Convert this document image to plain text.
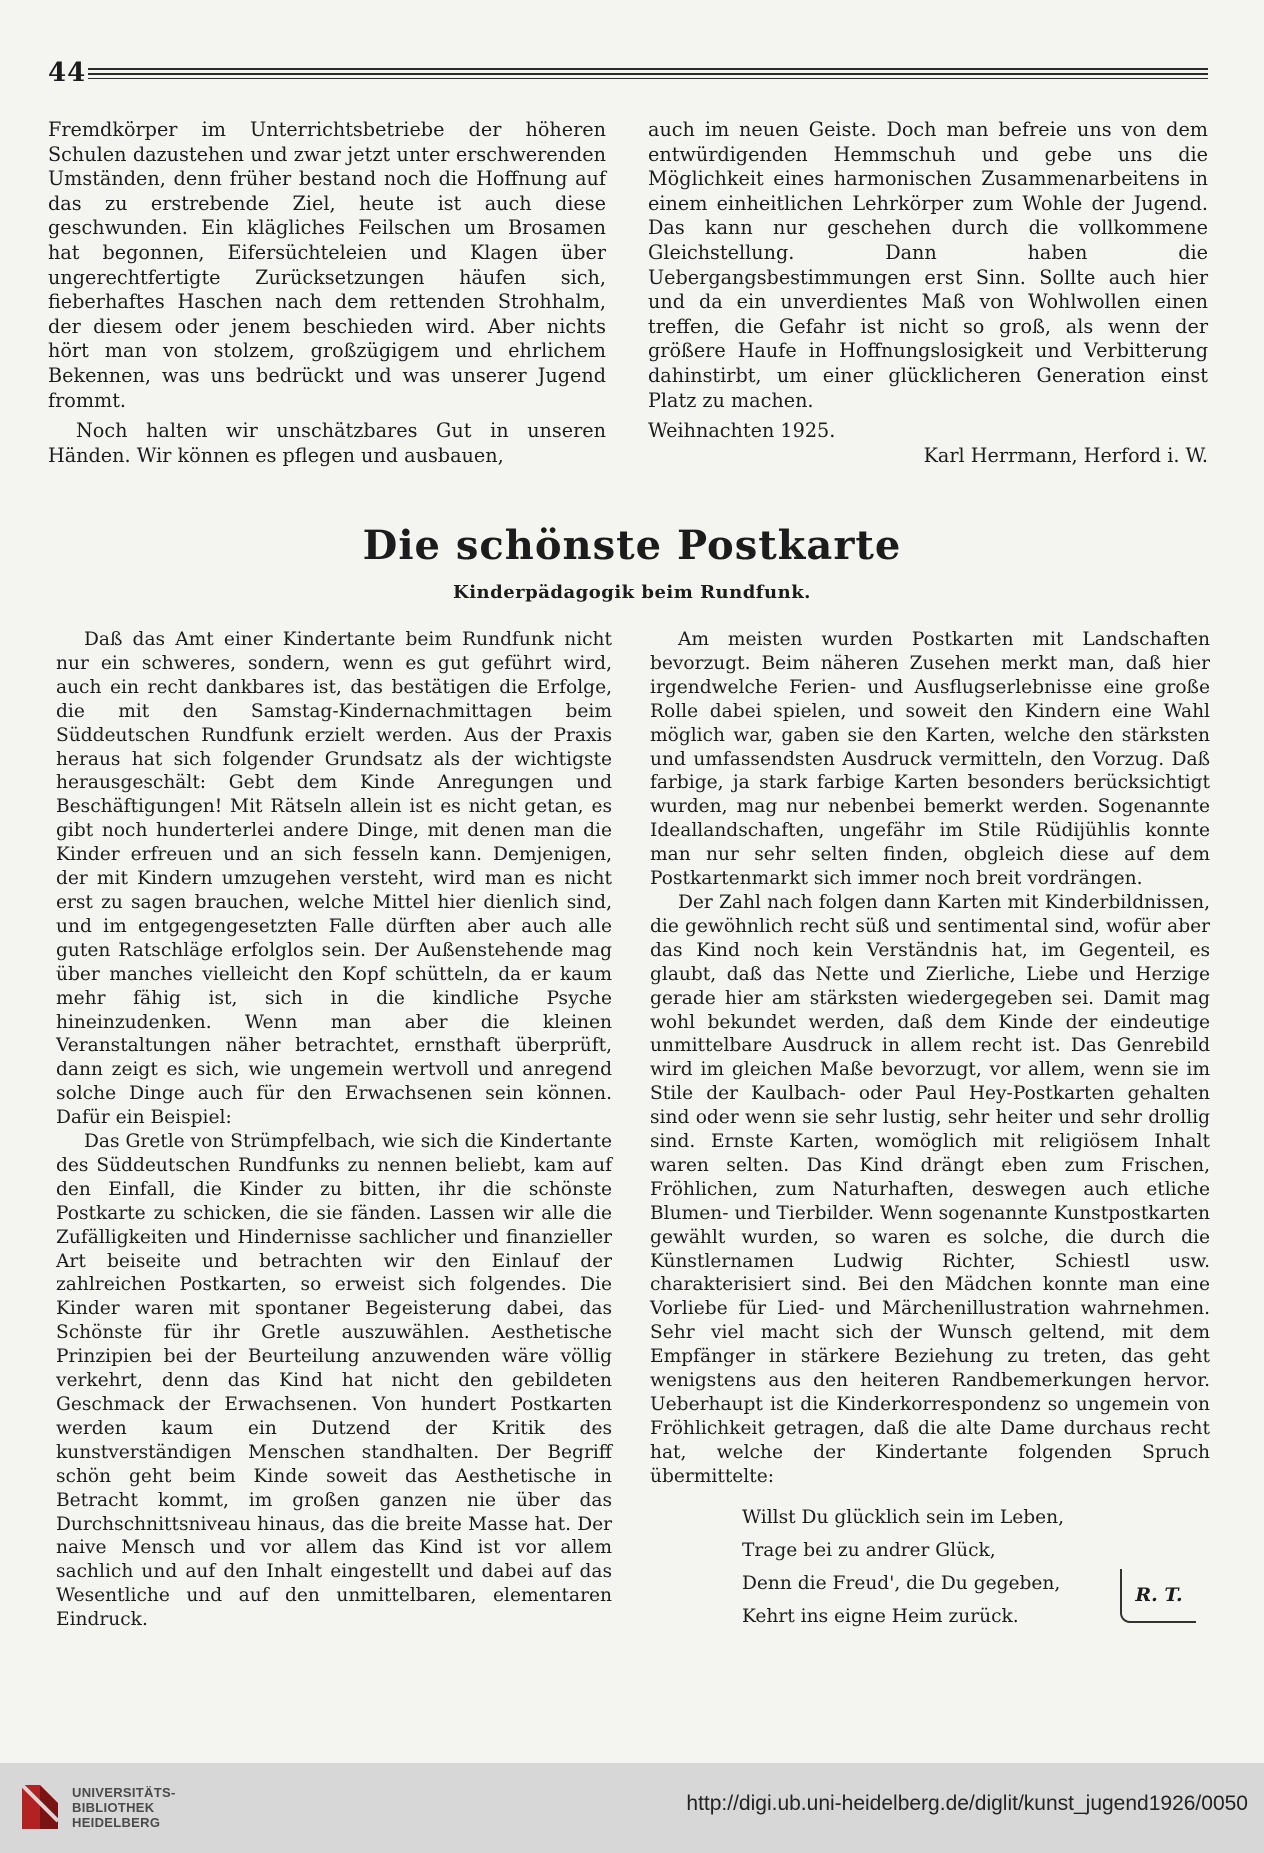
44

Fremdkörper im Unterrichtsbetriebe der höheren Schulen dazustehen und zwar jetzt unter erschwerenden Umständen, denn früher bestand noch die Hoffnung auf das zu erstrebende Ziel, heute ist auch diese geschwunden. Ein klägliches Feilschen um Brosamen hat begonnen, Eifersüchteleien und Klagen über ungerechtfertigte Zurücksetzungen häufen sich, fieberhaftes Haschen nach dem rettenden Strohhalm, der diesem oder jenem beschieden wird. Aber nichts hört man von stolzem, großzügigem und ehrlichem Bekennen, was uns bedrückt und was unserer Jugend frommt.

Noch halten wir unschätzbares Gut in unseren Händen. Wir können es pflegen und ausbauen,

auch im neuen Geiste. Doch man befreie uns von dem entwürdigenden Hemmschuh und gebe uns die Möglichkeit eines harmonischen Zusammenarbeitens in einem einheitlichen Lehrkörper zum Wohle der Jugend. Das kann nur geschehen durch die vollkommene Gleichstellung. Dann haben die Uebergangsbestimmungen erst Sinn. Sollte auch hier und da ein unverdientes Maß von Wohlwollen einen treffen, die Gefahr ist nicht so groß, als wenn der größere Haufe in Hoffnungslosigkeit und Verbitterung dahinstirbt, um einer glücklicheren Generation einst Platz zu machen.

Weihnachten 1925.

Karl Herrmann, Herford i. W.

Die schönste Postkarte
Kinderpädagogik beim Rundfunk.

Daß das Amt einer Kindertante beim Rundfunk nicht nur ein schweres, sondern, wenn es gut geführt wird, auch ein recht dankbares ist, das bestätigen die Erfolge, die mit den Samstag-Kindernachmittagen beim Süddeutschen Rundfunk erzielt werden. Aus der Praxis heraus hat sich folgender Grundsatz als der wichtigste herausgeschält: Gebt dem Kinde Anregungen und Beschäftigungen! Mit Rätseln allein ist es nicht getan, es gibt noch hunderterlei andere Dinge, mit denen man die Kinder erfreuen und an sich fesseln kann. Demjenigen, der mit Kindern umzugehen versteht, wird man es nicht erst zu sagen brauchen, welche Mittel hier dienlich sind, und im entgegengesetzten Falle dürften aber auch alle guten Ratschläge erfolglos sein. Der Außenstehende mag über manches vielleicht den Kopf schütteln, da er kaum mehr fähig ist, sich in die kindliche Psyche hineinzudenken. Wenn man aber die kleinen Veranstaltungen näher betrachtet, ernsthaft überprüft, dann zeigt es sich, wie ungemein wertvoll und anregend solche Dinge auch für den Erwachsenen sein können. Dafür ein Beispiel:

Das Gretle von Strümpfelbach, wie sich die Kindertante des Süddeutschen Rundfunks zu nennen beliebt, kam auf den Einfall, die Kinder zu bitten, ihr die schönste Postkarte zu schicken, die sie fänden. Lassen wir alle die Zufälligkeiten und Hindernisse sachlicher und finanzieller Art beiseite und betrachten wir den Einlauf der zahlreichen Postkarten, so erweist sich folgendes. Die Kinder waren mit spontaner Begeisterung dabei, das Schönste für ihr Gretle auszuwählen. Aesthetische Prinzipien bei der Beurteilung anzuwenden wäre völlig verkehrt, denn das Kind hat nicht den gebildeten Geschmack der Erwachsenen. Von hundert Postkarten werden kaum ein Dutzend der Kritik des kunstverständigen Menschen standhalten. Der Begriff schön geht beim Kinde soweit das Aesthetische in Betracht kommt, im großen ganzen nie über das Durchschnittsniveau hinaus, das die breite Masse hat. Der naive Mensch und vor allem das Kind ist vor allem sachlich und auf den Inhalt eingestellt und dabei auf das Wesentliche und auf den unmittelbaren, elementaren Eindruck.

Am meisten wurden Postkarten mit Landschaften bevorzugt. Beim näheren Zusehen merkt man, daß hier irgendwelche Ferien- und Ausflugserlebnisse eine große Rolle dabei spielen, und soweit den Kindern eine Wahl möglich war, gaben sie den Karten, welche den stärksten und umfassendsten Ausdruck vermitteln, den Vorzug. Daß farbige, ja stark farbige Karten besonders berücksichtigt wurden, mag nur nebenbei bemerkt werden. Sogenannte Ideallandschaften, ungefähr im Stile Rüdijühlis konnte man nur sehr selten finden, obgleich diese auf dem Postkartenmarkt sich immer noch breit vordrängen.

Der Zahl nach folgen dann Karten mit Kinderbildnissen, die gewöhnlich recht süß und sentimental sind, wofür aber das Kind noch kein Verständnis hat, im Gegenteil, es glaubt, daß das Nette und Zierliche, Liebe und Herzige gerade hier am stärksten wiedergegeben sei. Damit mag wohl bekundet werden, daß dem Kinde der eindeutige unmittelbare Ausdruck in allem recht ist. Das Genrebild wird im gleichen Maße bevorzugt, vor allem, wenn sie im Stile der Kaulbach- oder Paul Hey-Postkarten gehalten sind oder wenn sie sehr lustig, sehr heiter und sehr drollig sind. Ernste Karten, womöglich mit religiösem Inhalt waren selten. Das Kind drängt eben zum Frischen, Fröhlichen, zum Naturhaften, deswegen auch etliche Blumen- und Tierbilder. Wenn sogenannte Kunstpostkarten gewählt wurden, so waren es solche, die durch die Künstlernamen Ludwig Richter, Schiestl usw. charakterisiert sind. Bei den Mädchen konnte man eine Vorliebe für Lied- und Märchenillustration wahrnehmen. Sehr viel macht sich der Wunsch geltend, mit dem Empfänger in stärkere Beziehung zu treten, das geht wenigstens aus den heiteren Randbemerkungen hervor. Ueberhaupt ist die Kinderkorrespondenz so ungemein von Fröhlichkeit getragen, daß die alte Dame durchaus recht hat, welche der Kindertante folgenden Spruch übermittelte:

Willst Du glücklich sein im Leben,
Trage bei zu andrer Glück,
Denn die Freud', die Du gegeben,
Kehrt ins eigne Heim zurück.
R. T.
UNIVERSITÄTS-
BIBLIOTHEK
HEIDELBERG
http://digi.ub.uni-heidelberg.de/diglit/kunst_jugend1926/0050
